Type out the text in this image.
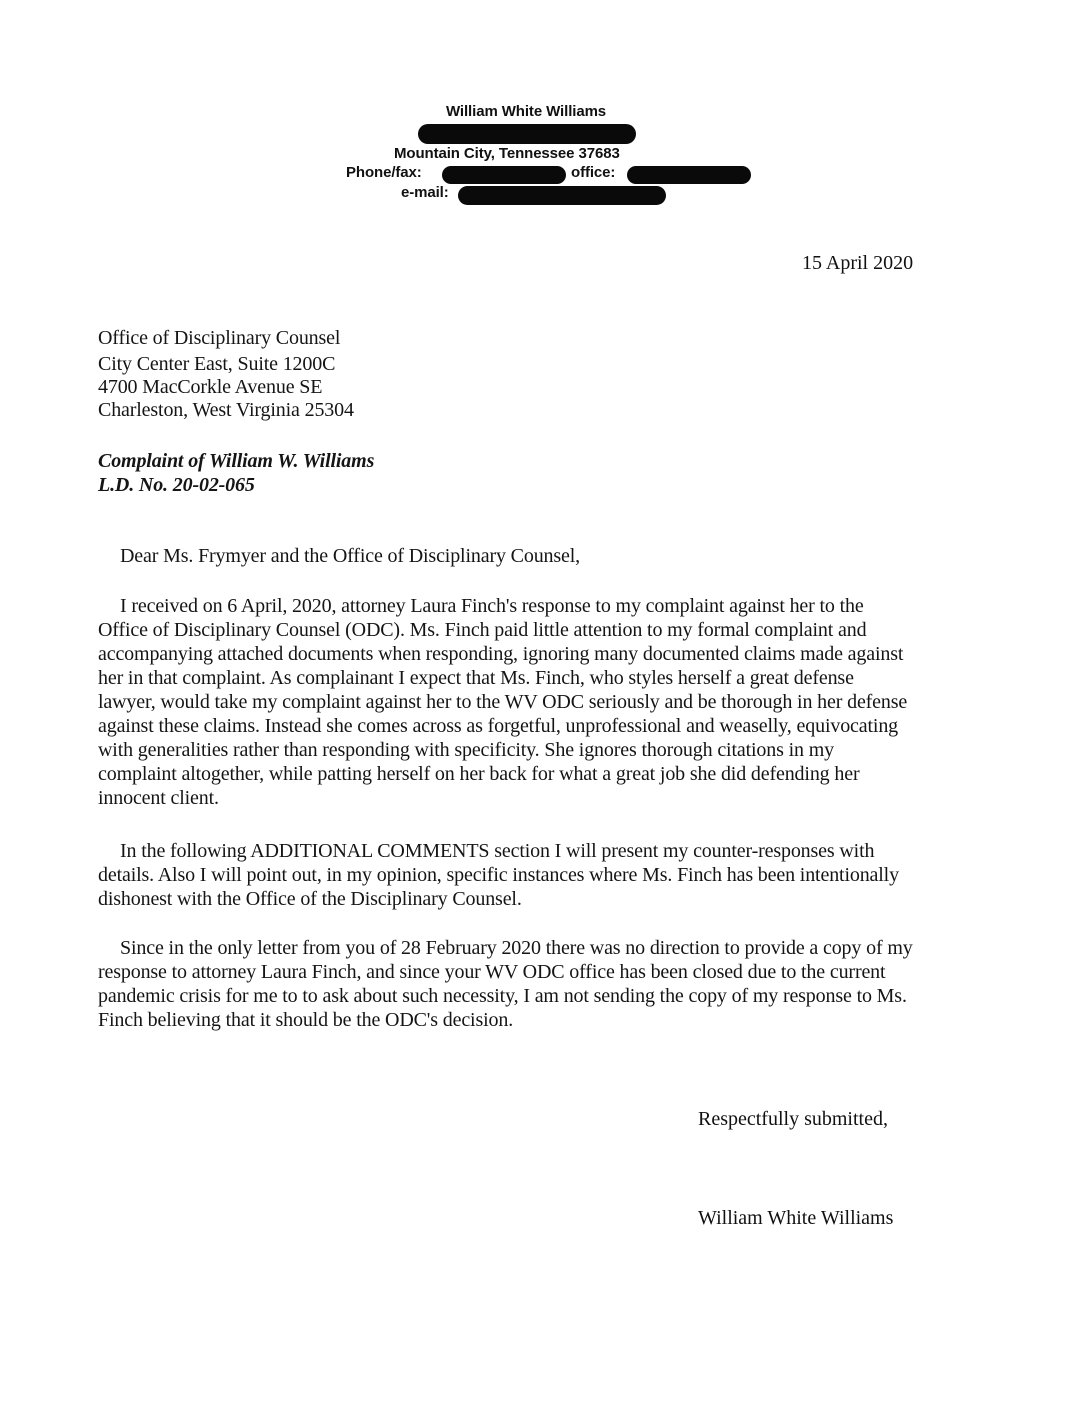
William White Williams
Mountain City, Tennessee 37683
Phone/fax:	office:
e-mail:
15 April 2020
Office of Disciplinary Counsel
City Center East, Suite 1200C
4700 MacCorkle Avenue SE
Charleston, West Virginia 25304
Complaint of William W. Williams
L.D. No. 20-02-065
Dear Ms. Frymyer and the Office of Disciplinary Counsel,
I received on 6 April, 2020, attorney Laura Finch's response to my complaint against her to the
Office of Disciplinary Counsel (ODC). Ms. Finch paid little attention to my formal complaint and
accompanying attached documents when responding, ignoring many documented claims made against
her in that complaint. As complainant I expect that Ms. Finch, who styles herself a great defense
lawyer, would take my complaint against her to the WV ODC seriously and be thorough in her defense
against these claims. Instead she comes across as forgetful, unprofessional and weaselly, equivocating
with generalities rather than responding with specificity. She ignores thorough citations in my
complaint altogether, while patting herself on her back for what a great job she did defending her
innocent client.
In the following ADDITIONAL COMMENTS section I will present my counter-responses with
details. Also I will point out, in my opinion, specific instances where Ms. Finch has been intentionally
dishonest with the Office of the Disciplinary Counsel.
Since in the only letter from you of 28 February 2020 there was no direction to provide a copy of my
response to attorney Laura Finch, and since your WV ODC office has been closed due to the current
pandemic crisis for me to to ask about such necessity, I am not sending the copy of my response to Ms.
Finch believing that it should be the ODC's decision.
Respectfully submitted,
William White Williams
